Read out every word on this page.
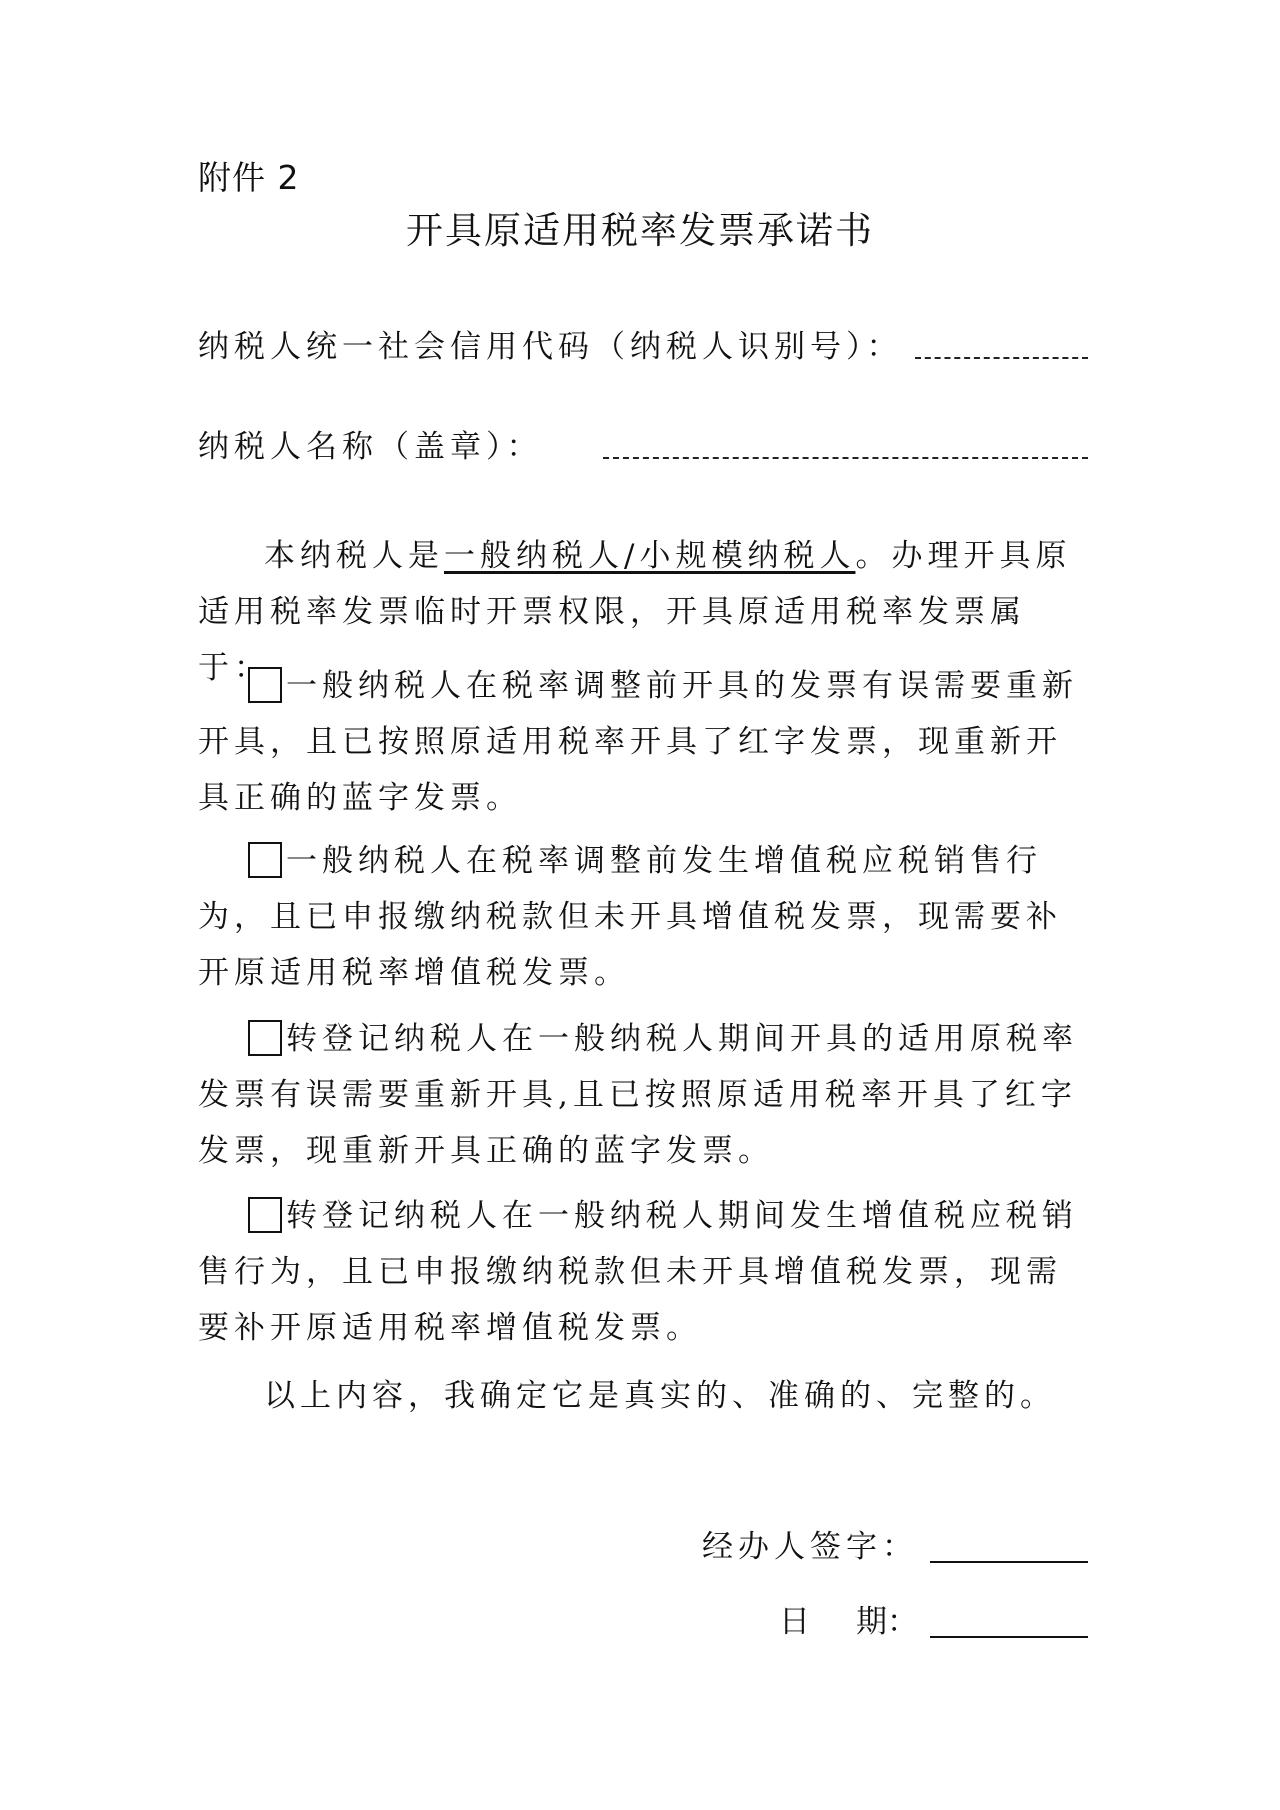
附件 2
开具原适用税率发票承诺书
纳税人统一社会信用代码（纳税人识别号）：
纳税人名称（盖章）：

本纳税人是一般纳税人/小规模纳税人。办理开具原适用税率发票临时开票权限，开具原适用税率发票属于： 一般纳税人在税率调整前开具的发票有误需要重新开具，且已按照原适用税率开具了红字发票，现重新开具正确的蓝字发票。

一般纳税人在税率调整前发生增值税应税销售行为，且已申报缴纳税款但未开具增值税发票，现需要补开原适用税率增值税发票。

转登记纳税人在一般纳税人期间开具的适用原税率发票有误需要重新开具,且已按照原适用税率开具了红字发票，现重新开具正确的蓝字发票。

转登记纳税人在一般纳税人期间发生增值税应税销售行为，且已申报缴纳税款但未开具增值税发票，现需要补开原适用税率增值税发票。

以上内容，我确定它是真实的、准确的、完整的。

经办人签字：
日 期：
